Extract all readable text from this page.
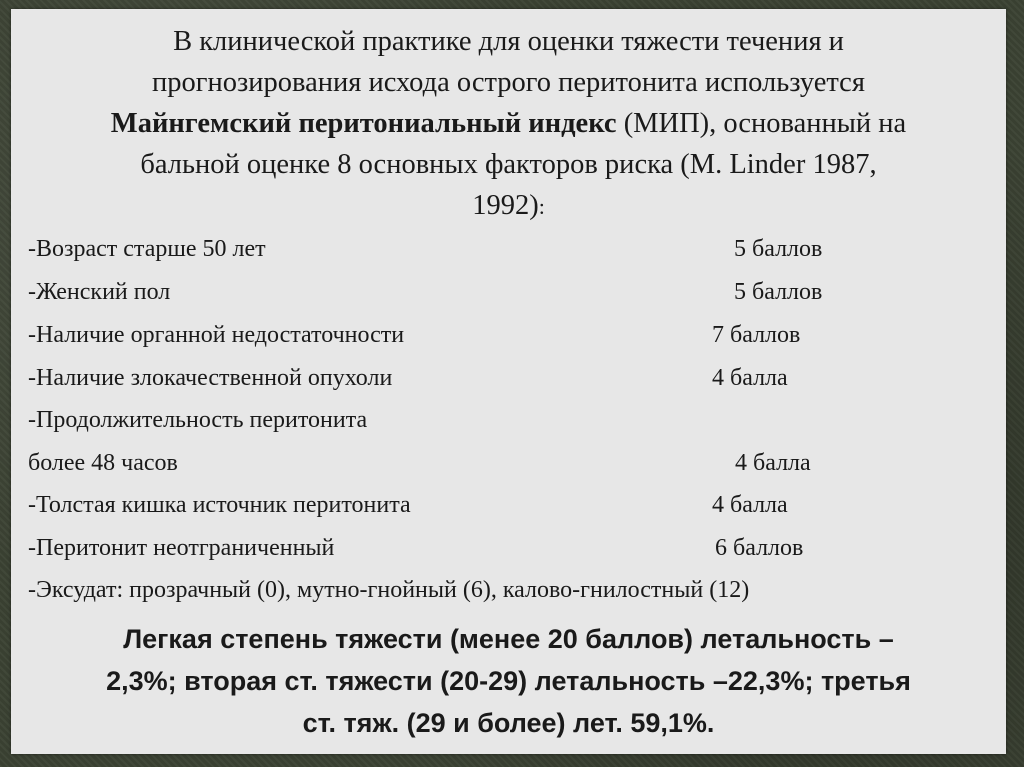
В клинической практике для оценки тяжести течения и
прогнозирования исхода острого перитонита используется
Майнгемский перитониальный индекс (МИП), основанный на
бальной оценке 8 основных факторов риска (M. Linder 1987,
1992):
-Возраст старше 50 лет	5 баллов
-Женский пол	5 баллов
-Наличие органной недостаточности	7 баллов
-Наличие злокачественной опухоли	4 балла
-Продолжительность перитонита
более 48 часов	4 балла
-Толстая кишка источник перитонита	4 балла
-Перитонит неотграниченный	6 баллов
-Эксудат: прозрачный (0), мутно-гнойный (6), калово-гнилостный (12)
Легкая степень тяжести (менее 20 баллов) летальность –
2,3%; вторая ст. тяжести (20-29) летальность –22,3%; третья
ст. тяж. (29 и более) лет. 59,1%.
